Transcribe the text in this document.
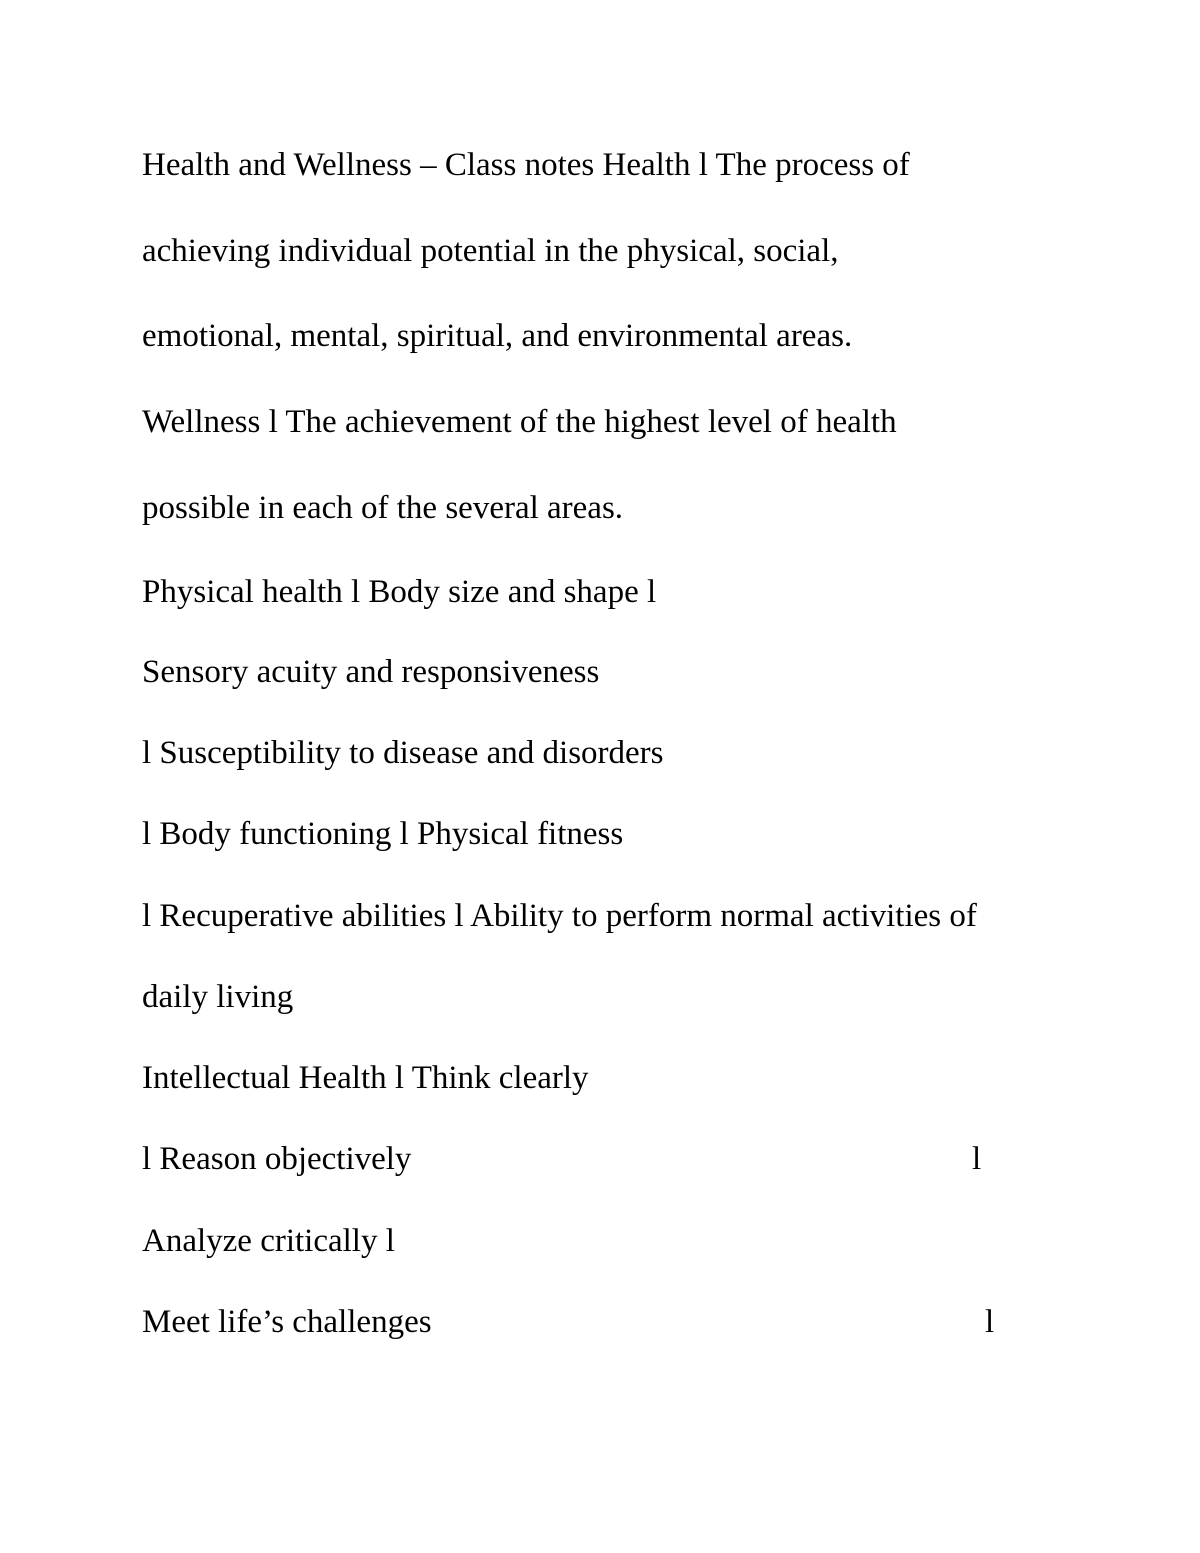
Health and Wellness – Class notes Health l The process of

achieving individual potential in the physical, social,

emotional, mental, spiritual, and environmental areas.

Wellness l The achievement of the highest level of health

possible in each of the several areas.

Physical health l Body size and shape l

Sensory acuity and responsiveness

l Susceptibility to disease and disorders

l Body functioning l Physical fitness

l Recuperative abilities l Ability to perform normal activities of

daily living

Intellectual Health l Think clearly

l Reason objectively	l

Analyze critically l

Meet life’s challenges	l
